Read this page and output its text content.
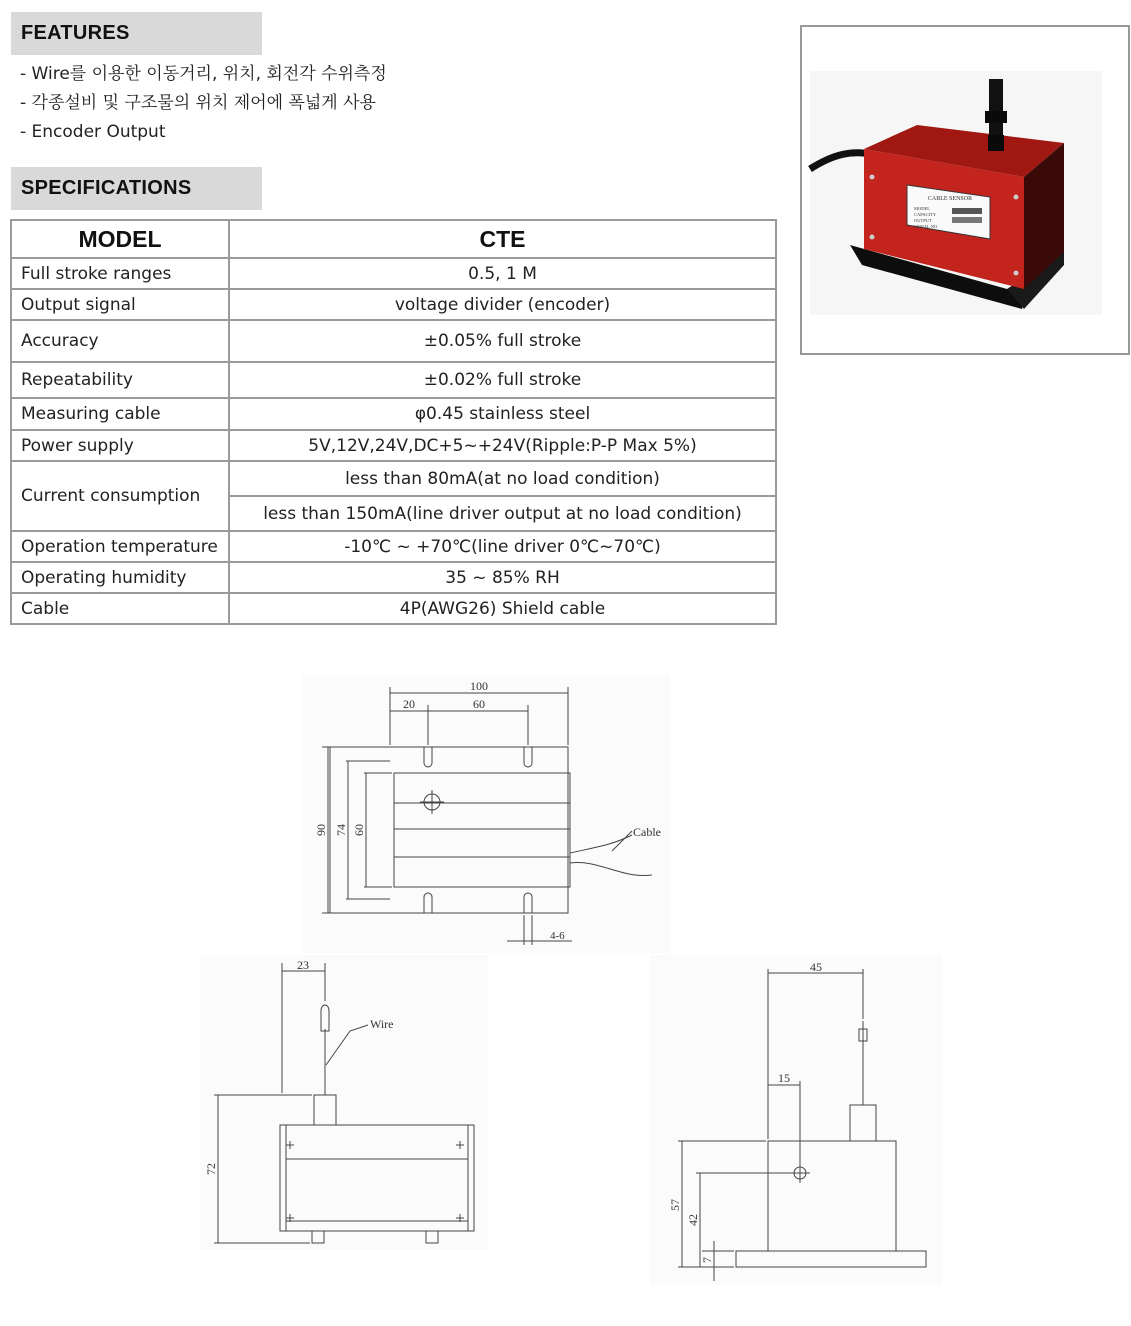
FEATURES
- Wire를 이용한 이동거리, 위치, 회전각 수위측정
- 각종설비 및 구조물의 위치 제어에 폭넓게 사용
- Encoder Output
SPECIFICATIONS
MODEL	CTE
Full stroke ranges	0.5, 1 M
Output signal	voltage divider (encoder)
Accuracy	±0.05% full stroke
Repeatability	±0.02% full stroke
Measuring cable	φ0.45 stainless steel
Power supply	5V,12V,24V,DC+5~+24V(Ripple:P-P Max 5%)
Current consumption	less than 80mA(at no load condition)
	less than 150mA(line driver output at no load condition)
Operation temperature	-10℃ ~ +70℃(line driver 0℃~70℃)
Operating humidity	35 ~ 85% RH
Cable	4P(AWG26) Shield cable
CABLE SENSOR
MODEL
CAPACITY
OUTPUT
SERIAL NO
100
20	60
90 74 60	Cable
4-6
23
Wire
72
45
15
57
42
7
